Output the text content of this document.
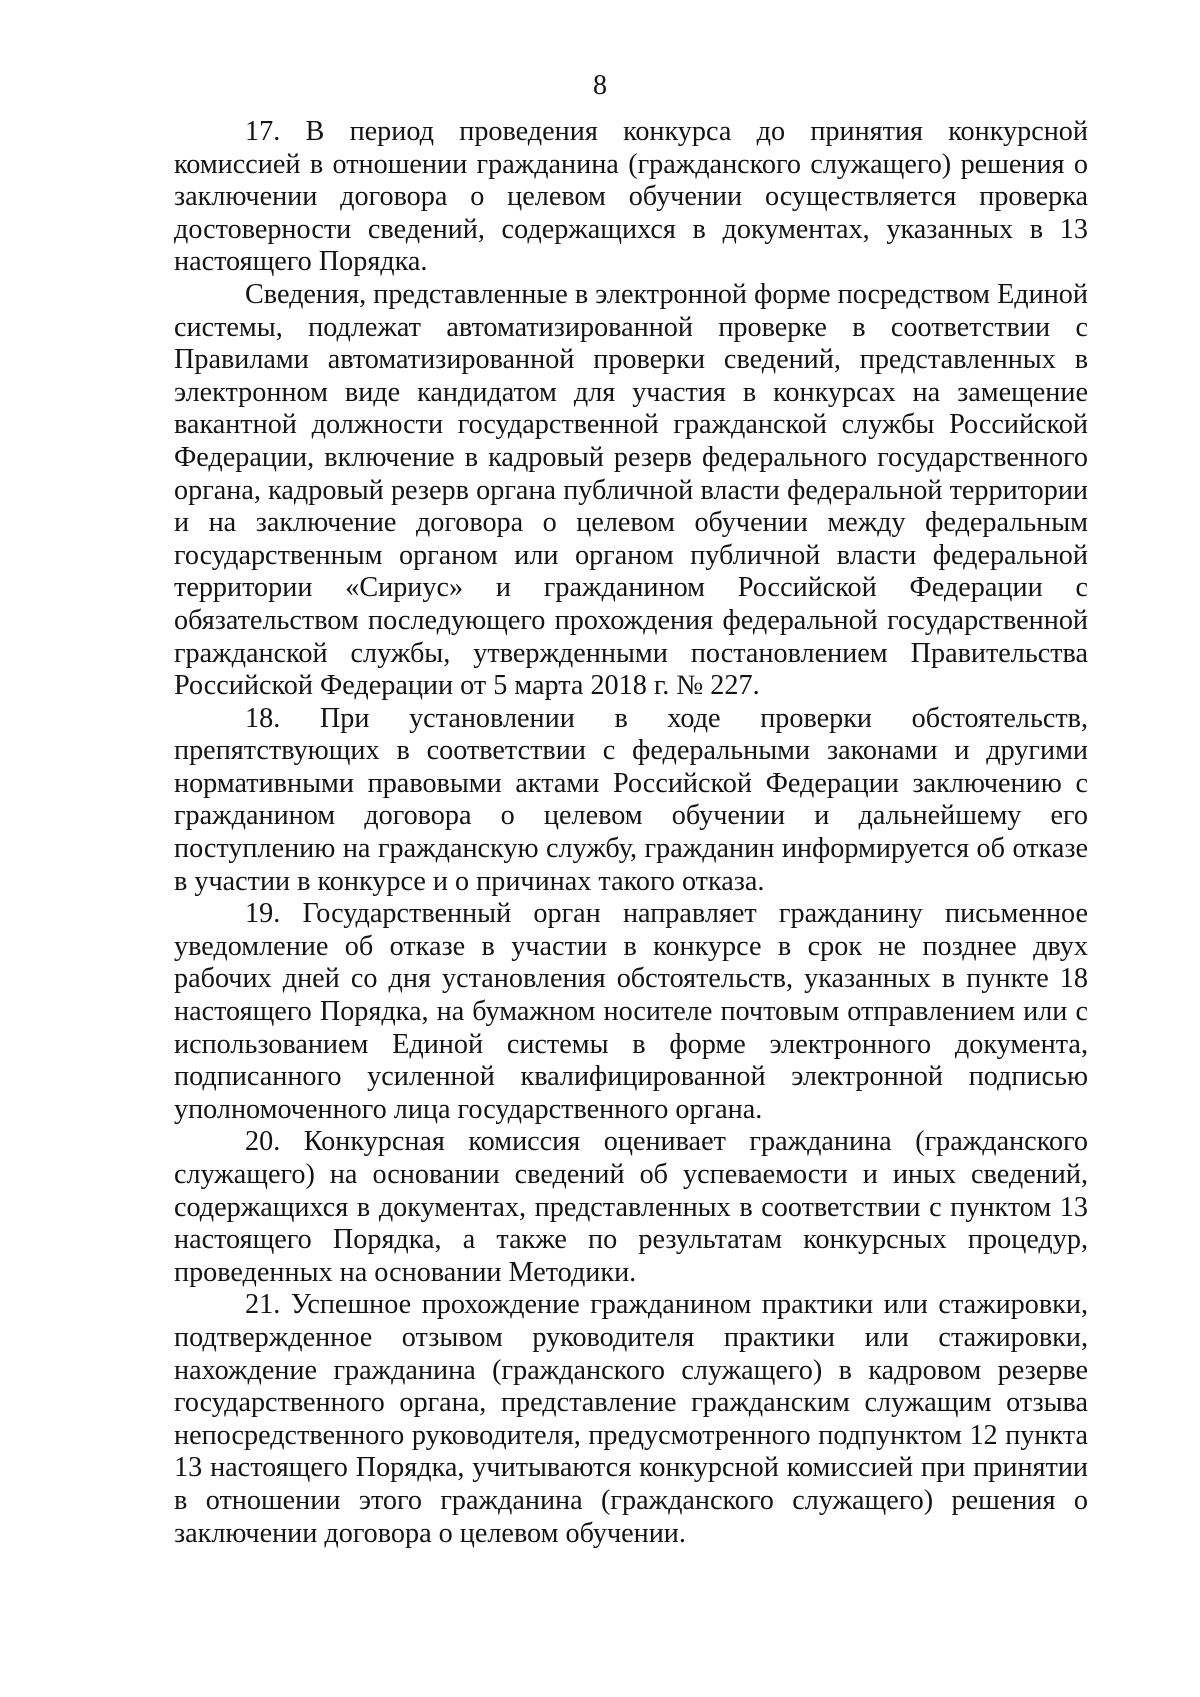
8

17. В период проведения конкурса до принятия конкурсной комиссией в отношении гражданина (гражданского служащего) решения о заключении договора о целевом обучении осуществляется проверка достоверности сведений, содержащихся в документах, указанных в 13 настоящего Порядка.

Сведения, представленные в электронной форме посредством Единой системы, подлежат автоматизированной проверке в соответствии с Правилами автоматизированной проверки сведений, представленных в электронном виде кандидатом для участия в конкурсах на замещение вакантной должности государственной гражданской службы Российской Федерации, включение в кадровый резерв федерального государственного органа, кадровый резерв органа публичной власти федеральной территории и на заключение договора о целевом обучении между федеральным государственным органом или органом публичной власти федеральной территории «Сириус» и гражданином Российской Федерации с обязательством последующего прохождения федеральной государственной гражданской службы, утвержденными постановлением Правительства Российской Федерации от 5 марта 2018 г. № 227.

18. При установлении в ходе проверки обстоятельств, препятствующих в соответствии с федеральными законами и другими нормативными правовыми актами Российской Федерации заключению с гражданином договора о целевом обучении и дальнейшему его поступлению на гражданскую службу, гражданин информируется об отказе в участии в конкурсе и о причинах такого отказа.

19. Государственный орган направляет гражданину письменное уведомление об отказе в участии в конкурсе в срок не позднее двух рабочих дней со дня установления обстоятельств, указанных в пункте 18 настоящего Порядка, на бумажном носителе почтовым отправлением или с использованием Единой системы в форме электронного документа, подписанного усиленной квалифицированной электронной подписью уполномоченного лица государственного органа.

20. Конкурсная комиссия оценивает гражданина (гражданского служащего) на основании сведений об успеваемости и иных сведений, содержащихся в документах, представленных в соответствии с пунктом 13 настоящего Порядка, а также по результатам конкурсных процедур, проведенных на основании Методики.

21. Успешное прохождение гражданином практики или стажировки, подтвержденное отзывом руководителя практики или стажировки, нахождение гражданина (гражданского служащего) в кадровом резерве государственного органа, представление гражданским служащим отзыва непосредственного руководителя, предусмотренного подпунктом 12 пункта 13 настоящего Порядка, учитываются конкурсной комиссией при принятии в отношении этого гражданина (гражданского служащего) решения о заключении договора о целевом обучении.
